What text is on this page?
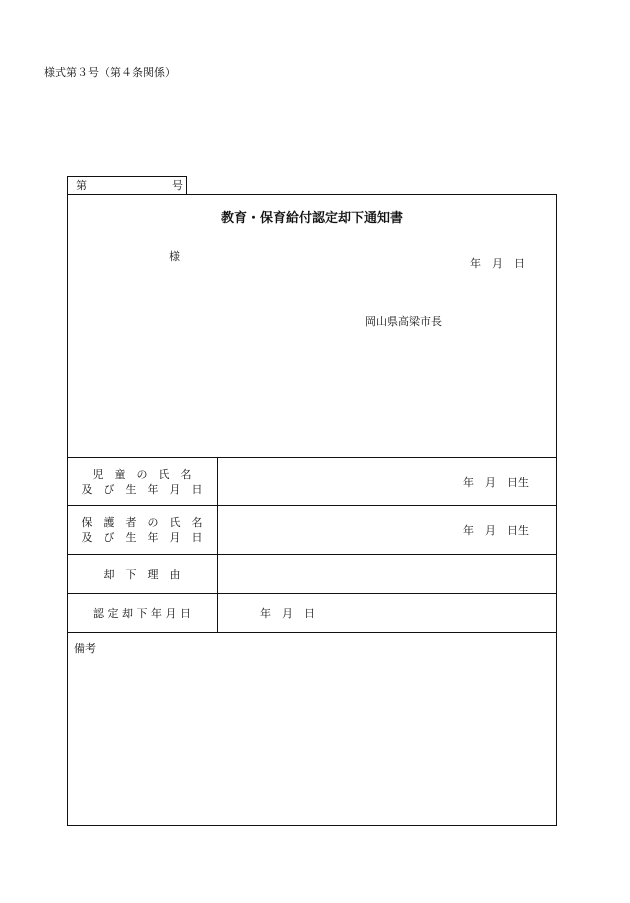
様式第３号（第４条関係）
第	号
教育・保育給付認定却下通知書
様
年　月　日
岡山県高梁市長
児　童　の　氏　名
及　び　生　年　月　日	年　月　日生

保　護　者　の　氏　名
及　び　生　年　月　日	年　月　日生

却　下　理　由	

認 定 却 下 年 月 日	年　月　日
備考
